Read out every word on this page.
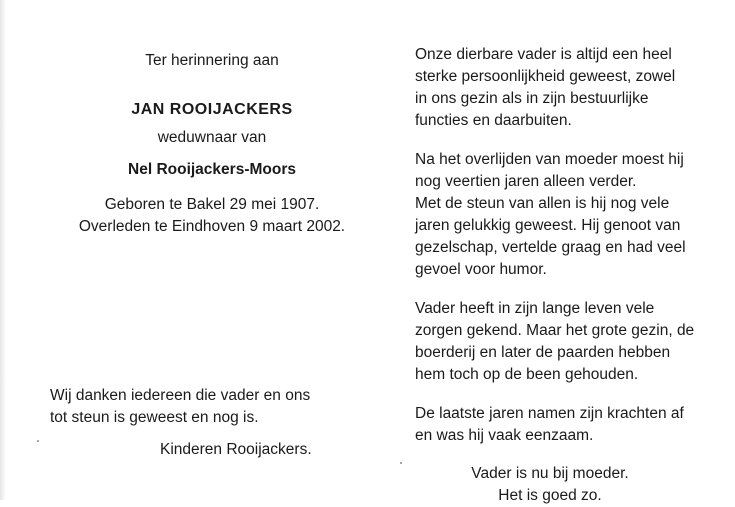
Ter herinnering aan
JAN ROOIJACKERS
weduwnaar van
Nel Rooijackers-Moors
Geboren te Bakel 29 mei 1907.
Overleden te Eindhoven 9 maart 2002.
Wij danken iedereen die vader en ons
tot steun is geweest en nog is.
Kinderen Rooijackers.
Onze dierbare vader is altijd een heel
sterke persoonlijkheid geweest, zowel
in ons gezin als in zijn bestuurlijke
functies en daarbuiten.
Na het overlijden van moeder moest hij
nog veertien jaren alleen verder.
Met de steun van allen is hij nog vele
jaren gelukkig geweest. Hij genoot van
gezelschap, vertelde graag en had veel
gevoel voor humor.
Vader heeft in zijn lange leven vele
zorgen gekend. Maar het grote gezin, de
boerderij en later de paarden hebben
hem toch op de been gehouden.
De laatste jaren namen zijn krachten af
en was hij vaak eenzaam.
Vader is nu bij moeder.
Het is goed zo.
